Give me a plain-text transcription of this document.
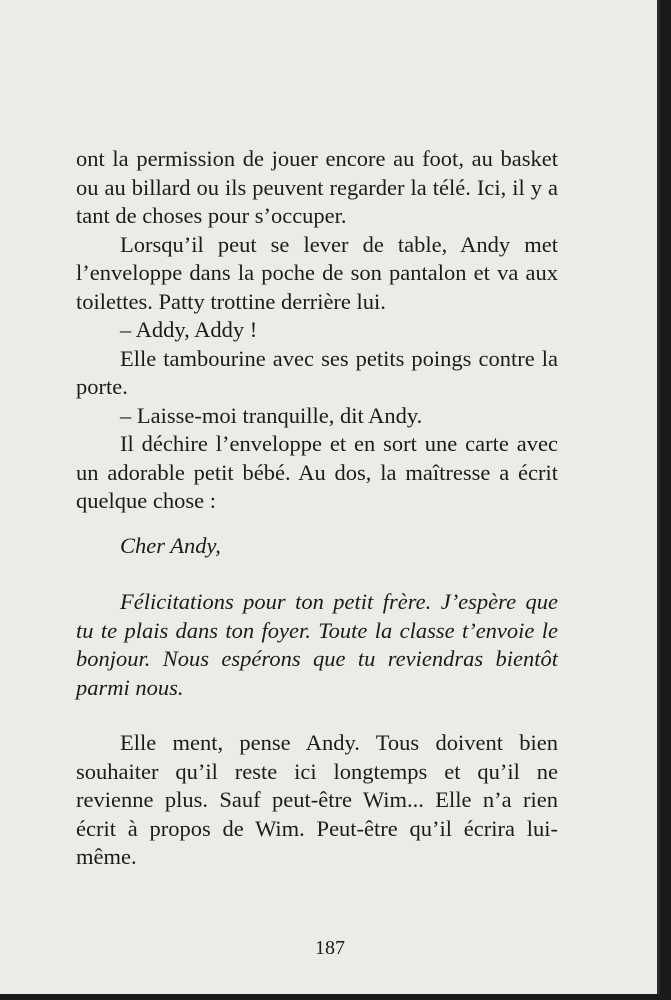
ont la permission de jouer encore au foot, au basket ou au billard ou ils peuvent regarder la télé. Ici, il y a tant de choses pour s’occuper.

Lorsqu’il peut se lever de table, Andy met l’enveloppe dans la poche de son pantalon et va aux toilettes. Patty trottine derrière lui.

– Addy, Addy !

Elle tambourine avec ses petits poings contre la porte.

– Laisse-moi tranquille, dit Andy.

Il déchire l’enveloppe et en sort une carte avec un adorable petit bébé. Au dos, la maîtresse a écrit quelque chose :

Cher Andy,

Félicitations pour ton petit frère. J’espère que tu te plais dans ton foyer. Toute la classe t’envoie le bonjour. Nous espérons que tu reviendras bientôt parmi nous.

Elle ment, pense Andy. Tous doivent bien souhaiter qu’il reste ici longtemps et qu’il ne revienne plus. Sauf peut-être Wim... Elle n’a rien écrit à propos de Wim. Peut-être qu’il écrira lui-même.

187
